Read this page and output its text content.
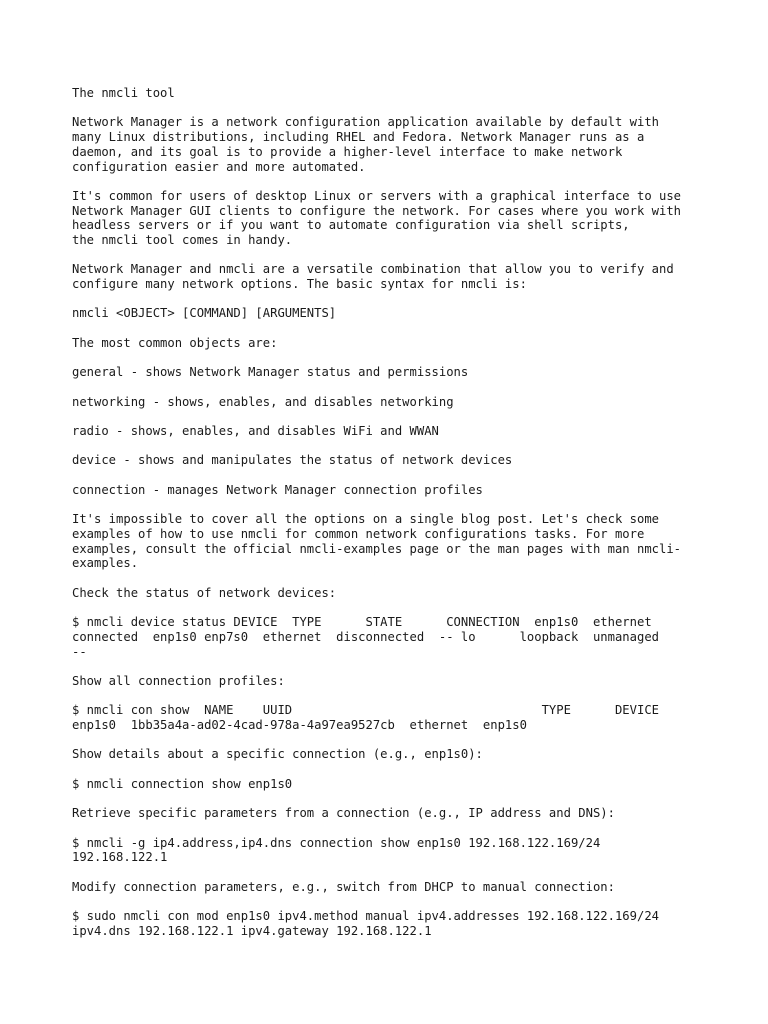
The nmcli tool

Network Manager is a network configuration application available by default with
many Linux distributions, including RHEL and Fedora. Network Manager runs as a
daemon, and its goal is to provide a higher-level interface to make network
configuration easier and more automated.

It's common for users of desktop Linux or servers with a graphical interface to use
Network Manager GUI clients to configure the network. For cases where you work with
headless servers or if you want to automate configuration via shell scripts,
the nmcli tool comes in handy.

Network Manager and nmcli are a versatile combination that allow you to verify and
configure many network options. The basic syntax for nmcli is:

nmcli <OBJECT> [COMMAND] [ARGUMENTS]

The most common objects are:

general - shows Network Manager status and permissions

networking - shows, enables, and disables networking

radio - shows, enables, and disables WiFi and WWAN

device - shows and manipulates the status of network devices

connection - manages Network Manager connection profiles

It's impossible to cover all the options on a single blog post. Let's check some
examples of how to use nmcli for common network configurations tasks. For more
examples, consult the official nmcli-examples page or the man pages with man nmcli-
examples.

Check the status of network devices:

$ nmcli device status DEVICE  TYPE      STATE      CONNECTION  enp1s0  ethernet
connected  enp1s0 enp7s0  ethernet  disconnected  -- lo      loopback  unmanaged
--

Show all connection profiles:

$ nmcli con show  NAME    UUID                                  TYPE      DEVICE
enp1s0  1bb35a4a-ad02-4cad-978a-4a97ea9527cb  ethernet  enp1s0

Show details about a specific connection (e.g., enp1s0):

$ nmcli connection show enp1s0

Retrieve specific parameters from a connection (e.g., IP address and DNS):

$ nmcli -g ip4.address,ip4.dns connection show enp1s0 192.168.122.169/24
192.168.122.1

Modify connection parameters, e.g., switch from DHCP to manual connection:

$ sudo nmcli con mod enp1s0 ipv4.method manual ipv4.addresses 192.168.122.169/24
ipv4.dns 192.168.122.1 ipv4.gateway 192.168.122.1
